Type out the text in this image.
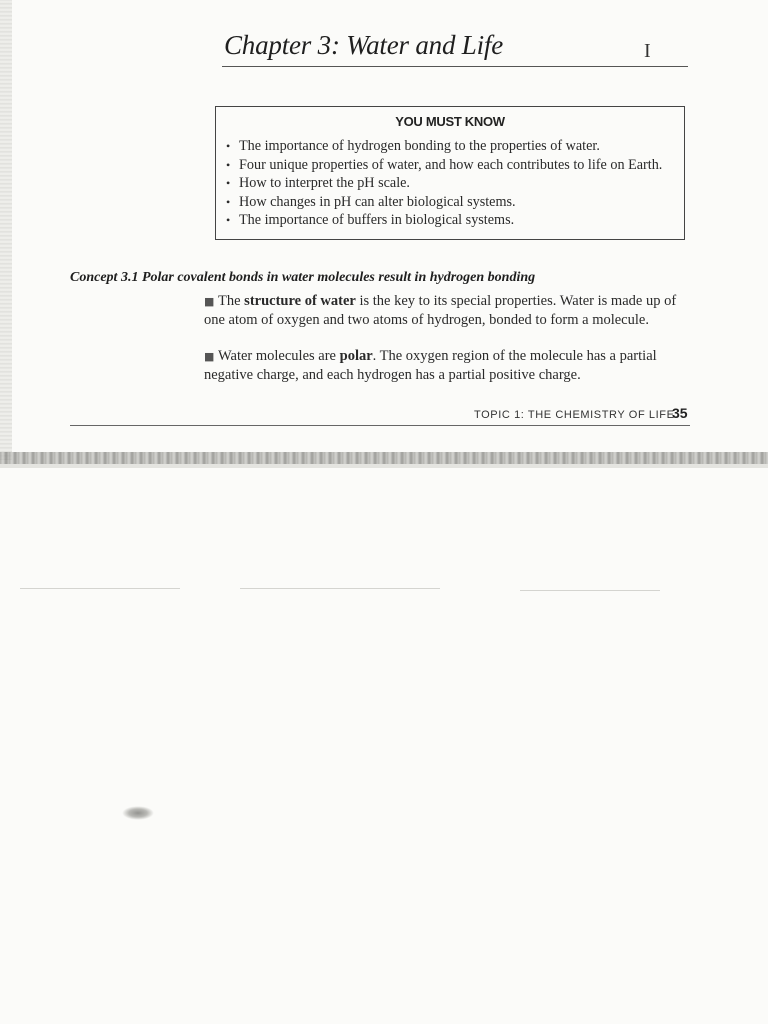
Chapter 3: Water and Life	I
YOU MUST KNOW
• The importance of hydrogen bonding to the properties of water.
• Four unique properties of water, and how each contributes to life on Earth.
• How to interpret the pH scale.
• How changes in pH can alter biological systems.
• The importance of buffers in biological systems.
Concept 3.1 Polar covalent bonds in water molecules result in hydrogen bonding
■ The structure of water is the key to its special properties. Water is made up of one atom of oxygen and two atoms of hydrogen, bonded to form a molecule.
■ Water molecules are polar. The oxygen region of the molecule has a partial negative charge, and each hydrogen has a partial positive charge.
TOPIC 1: THE CHEMISTRY OF LIFE
35
